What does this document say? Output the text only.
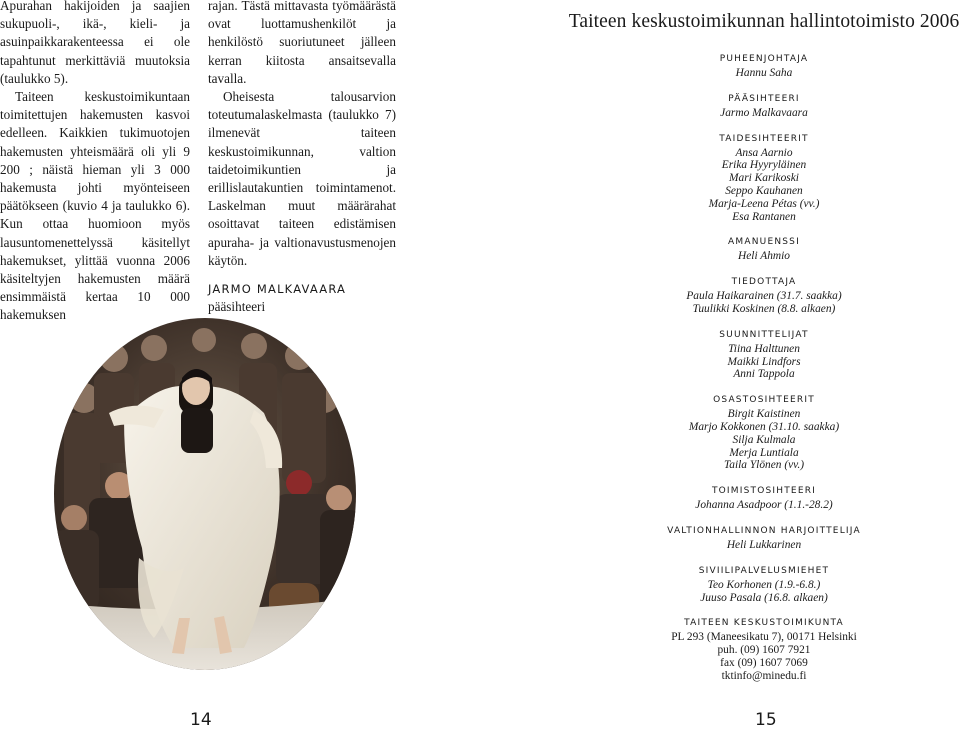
Apurahan hakijoiden ja saajien sukupuoli-, ikä-, kieli- ja asuinpaikkarakenteessa ei ole tapahtunut merkittäviä muutoksia (taulukko 5).

Taiteen keskustoimikuntaan toimitettujen hakemusten kasvoi edelleen. Kaikkien tukimuotojen hakemusten yhteismäärä oli yli 9 200 ; näistä hieman yli 3 000 hakemusta johti myönteiseen päätökseen (kuvio 4 ja taulukko 6). Kun ottaa huomioon myös lausuntomenettelyssä käsitellyt hakemukset, ylittää vuonna 2006 käsiteltyjen hakemusten määrä ensimmäistä kertaa 10 000 hakemuksen

rajan. Tästä mittavasta työmäärästä ovat luottamushenkilöt ja henkilöstö suoriutuneet jälleen kerran kiitosta ansaitsevalla tavalla.

Oheisesta talousarvion toteutumalaskelmasta (taulukko 7) ilmenevät taiteen keskustoimikunnan, valtion taidetoimikuntien ja erillislautakuntien toimintamenot. Laskelman muut määrärahat osoittavat taiteen edistämisen apuraha- ja valtionavustusmenojen käytön.

JARMO MALKAVAARA

pääsihteeri

Taiteen keskustoimikunnan hallintotoimisto 2006
PUHEENJOHTAJA
Hannu Saha
PÄÄSIHTEERI
Jarmo Malkavaara
TAIDESIHTEERIT
Ansa Aarnio
Erika Hyyryläinen
Mari Karikoski
Seppo Kauhanen
Marja-Leena Pétas (vv.)
Esa Rantanen
AMANUENSSI
Heli Ahmio
TIEDOTTAJA
Paula Haikarainen (31.7. saakka)
Tuulikki Koskinen (8.8. alkaen)
SUUNNITTELIJAT
Tiina Halttunen
Maikki Lindfors
Anni Tappola
OSASTOSIHTEERIT
Birgit Kaistinen
Marjo Kokkonen (31.10. saakka)
Silja Kulmala
Merja Luntiala
Taila Ylönen (vv.)
TOIMISTOSIHTEERI
Johanna Asadpoor (1.1.-28.2)
VALTIONHALLINNON HARJOITTELIJA
Heli Lukkarinen
SIVIILIPALVELUSMIEHET
Teo Korhonen (1.9.-6.8.)
Juuso Pasala (16.8. alkaen)
TAITEEN KESKUSTOIMIKUNTA
PL 293 (Maneesikatu 7), 00171 Helsinki
puh. (09) 1607 7921
fax (09) 1607 7069
tktinfo@minedu.fi
14	15
